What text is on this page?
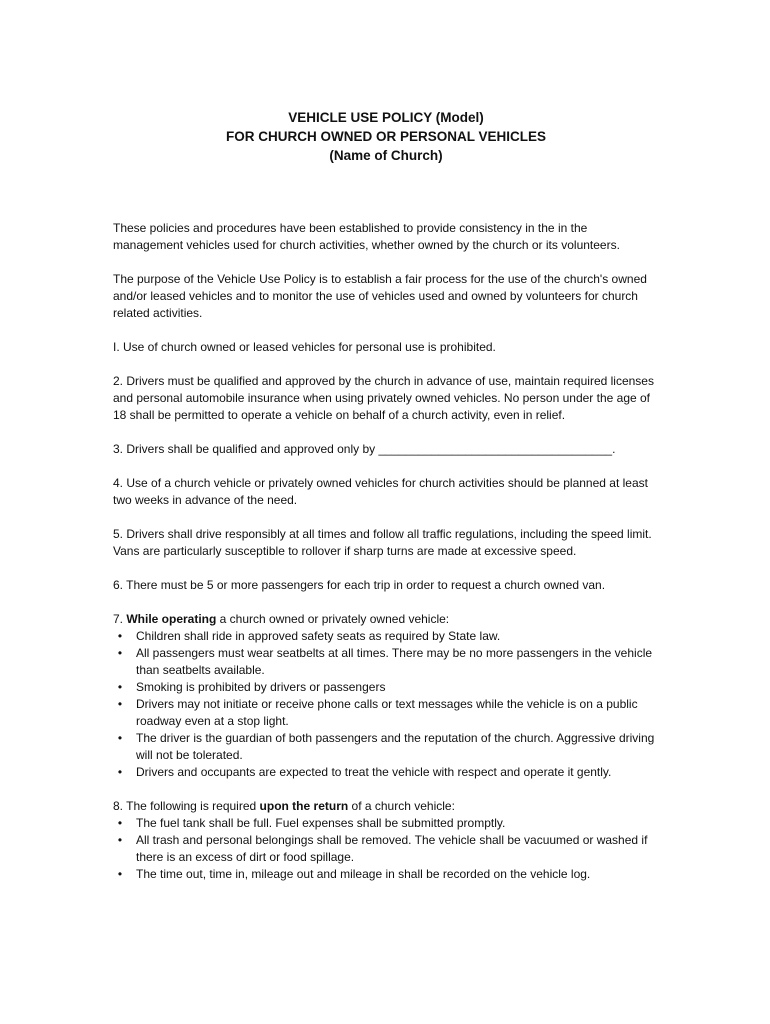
VEHICLE USE POLICY (Model)
FOR CHURCH OWNED OR PERSONAL VEHICLES
(Name of Church)

These policies and procedures have been established to provide consistency in the in the management vehicles used for church activities, whether owned by the church or its volunteers.

The purpose of the Vehicle Use Policy is to establish a fair process for the use of the church's owned and/or leased vehicles and to monitor the use of vehicles used and owned by volunteers for church related activities.

I. Use of church owned or leased vehicles for personal use is prohibited.

2. Drivers must be qualified and approved by the church in advance of use, maintain required licenses and personal automobile insurance when using privately owned vehicles. No person under the age of 18 shall be permitted to operate a vehicle on behalf of a church activity, even in relief.

3. Drivers shall be qualified and approved only by ___________________________________.

4. Use of a church vehicle or privately owned vehicles for church activities should be planned at least two weeks in advance of the need.

5. Drivers shall drive responsibly at all times and follow all traffic regulations, including the speed limit. Vans are particularly susceptible to rollover if sharp turns are made at excessive speed.

6. There must be 5 or more passengers for each trip in order to request a church owned van.

7. While operating a church owned or privately owned vehicle:

•	Children shall ride in approved safety seats as required by State law.
•	All passengers must wear seatbelts at all times. There may be no more passengers in the vehicle than seatbelts available.
•	Smoking is prohibited by drivers or passengers
•	Drivers may not initiate or receive phone calls or text messages while the vehicle is on a public roadway even at a stop light.
•	The driver is the guardian of both passengers and the reputation of the church. Aggressive driving will not be tolerated.
•	Drivers and occupants are expected to treat the vehicle with respect and operate it gently.

8. The following is required upon the return of a church vehicle:

•	The fuel tank shall be full. Fuel expenses shall be submitted promptly.
•	All trash and personal belongings shall be removed. The vehicle shall be vacuumed or washed if there is an excess of dirt or food spillage.
•	The time out, time in, mileage out and mileage in shall be recorded on the vehicle log.
